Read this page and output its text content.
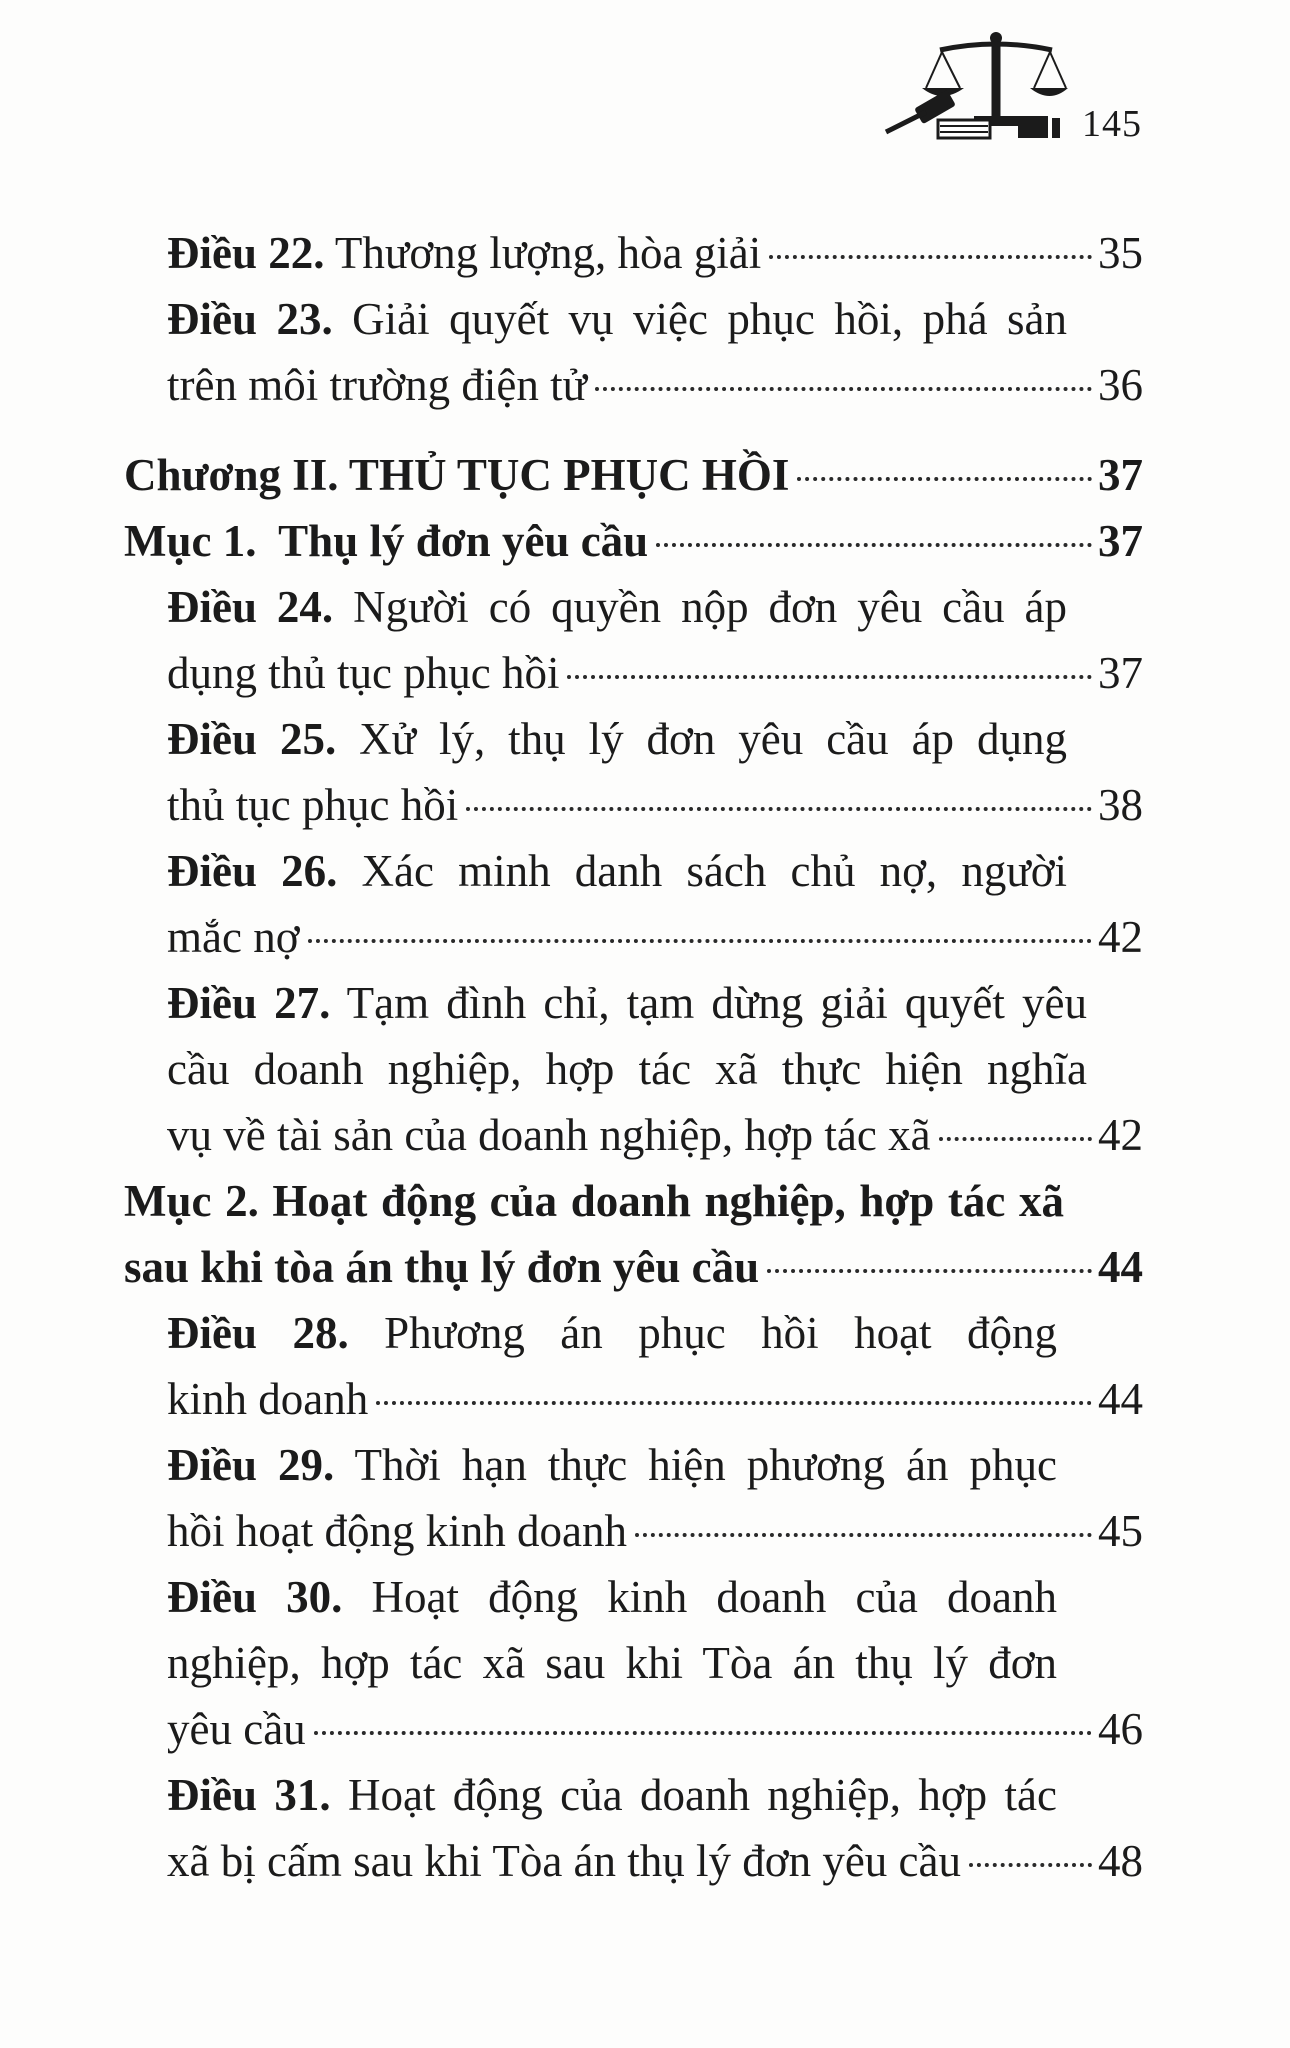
145
Điều 22. Thương lượng, hòa giải	35
Điều 23. Giải quyết vụ việc phục hồi, phá sản
trên môi trường điện tử	36
Chương II. THỦ TỤC PHỤC HỒI	37
Mục 1.  Thụ lý đơn yêu cầu	37
Điều 24. Người có quyền nộp đơn yêu cầu áp
dụng thủ tục phục hồi	37
Điều 25. Xử lý, thụ lý đơn yêu cầu áp dụng
thủ tục phục hồi	38
Điều 26. Xác minh danh sách chủ nợ, người
mắc nợ	42
Điều 27. Tạm đình chỉ, tạm dừng giải quyết yêu
cầu doanh nghiệp, hợp tác xã thực hiện nghĩa
vụ về tài sản của doanh nghiệp, hợp tác xã	42
Mục 2. Hoạt động của doanh nghiệp, hợp tác xã
sau khi tòa án thụ lý đơn yêu cầu	44
Điều 28. Phương án phục hồi hoạt động
kinh doanh	44
Điều 29. Thời hạn thực hiện phương án phục
hồi hoạt động kinh doanh	45
Điều 30. Hoạt động kinh doanh của doanh
nghiệp, hợp tác xã sau khi Tòa án thụ lý đơn
yêu cầu	46
Điều 31. Hoạt động của doanh nghiệp, hợp tác
xã bị cấm sau khi Tòa án thụ lý đơn yêu cầu	48
